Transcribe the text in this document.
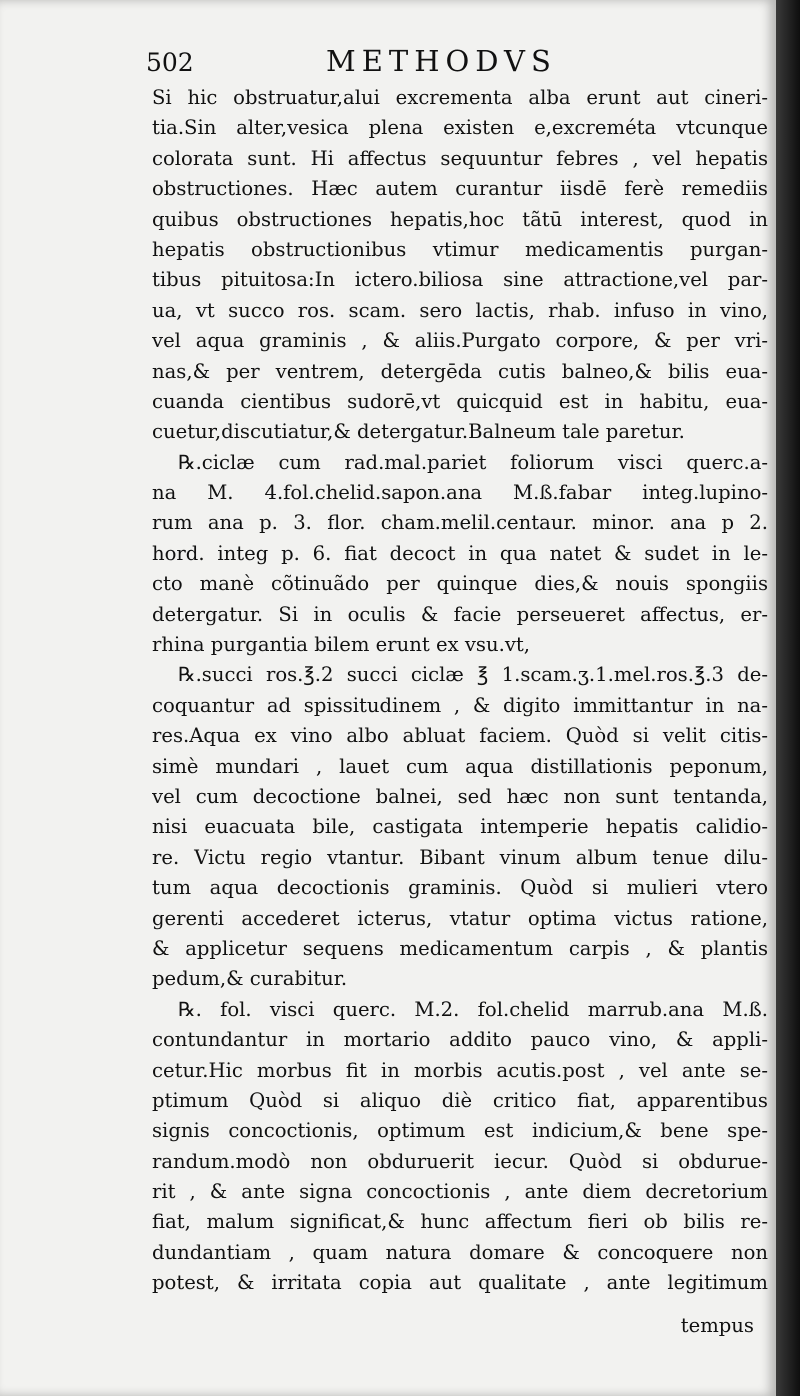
502	METHODVS
Si hic obstruatur,alui excrementa alba erunt aut cineri-
tia.Sin alter,vesica plena existen e,excreméta vtcunque
colorata sunt. Hi affectus sequuntur febres , vel hepatis
obstructiones. Hæc autem curantur iisdē ferè remediis
quibus obstructiones hepatis,hoc tãtū interest, quod in
hepatis obstructionibus vtimur medicamentis purgan-
tibus pituitosa:In ictero.biliosa sine attractione,vel par-
ua, vt succo ros. scam. sero lactis, rhab. infuso in vino,
vel aqua graminis , & aliis.Purgato corpore, & per vri-
nas,& per ventrem, detergēda cutis balneo,& bilis eua-
cuanda cientibus sudorē,vt quicquid est in habitu, eua-
cuetur,discutiatur,& detergatur.Balneum tale paretur.
℞.ciclæ cum rad.mal.pariet foliorum visci querc.a-
na M. 4.fol.chelid.sapon.ana M.ß.fabar integ.lupino-
rum ana p. 3. flor. cham.melil.centaur. minor. ana p 2.
hord. integ p. 6. fiat decoct in qua natet & sudet in le-
cto manè cõtinuãdo per quinque dies,& nouis spongiis
detergatur. Si in oculis & facie perseueret affectus, er-
rhina purgantia bilem erunt ex vsu.vt,
℞.succi ros.℥.2 succi ciclæ ℥ 1.scam.ʒ.1.mel.ros.℥.3 de-
coquantur ad spissitudinem , & digito immittantur in na-
res.Aqua ex vino albo abluat faciem. Quòd si velit citis-
simè mundari , lauet cum aqua distillationis peponum,
vel cum decoctione balnei, sed hæc non sunt tentanda,
nisi euacuata bile, castigata intemperie hepatis calidio-
re. Victu regio vtantur. Bibant vinum album tenue dilu-
tum aqua decoctionis graminis. Quòd si mulieri vtero
gerenti accederet icterus, vtatur optima victus ratione,
& applicetur sequens medicamentum carpis , & plantis
pedum,& curabitur.
℞. fol. visci querc. M.2. fol.chelid marrub.ana M.ß.
contundantur in mortario addito pauco vino, & appli-
cetur.Hic morbus fit in morbis acutis.post , vel ante se-
ptimum Quòd si aliquo diè critico fiat, apparentibus
signis concoctionis, optimum est indicium,& bene spe-
randum.modò non obduruerit iecur. Quòd si obdurue-
rit , & ante signa concoctionis , ante diem decretorium
fiat, malum significat,& hunc affectum fieri ob bilis re-
dundantiam , quam natura domare & concoquere non
potest, & irritata copia aut qualitate , ante legitimum
tempus
